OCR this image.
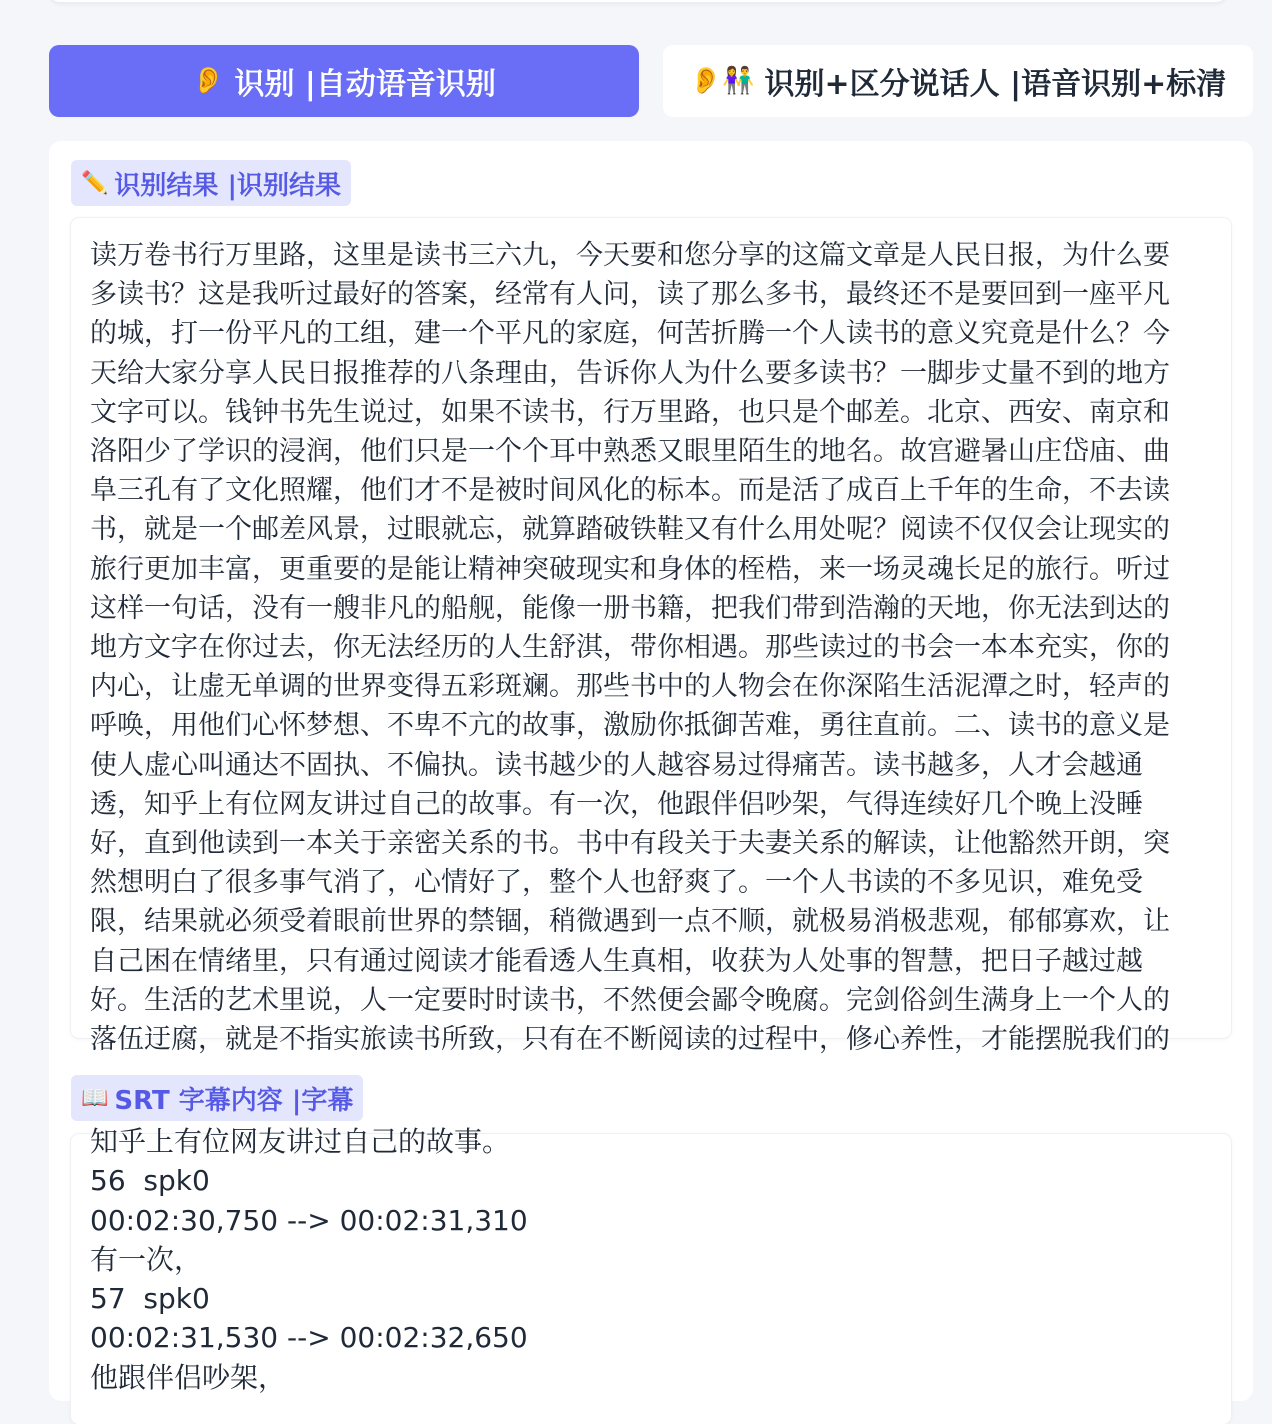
👂 识别 |自动语音识别	👂👫 识别+区分说话人 |语音识别+标清
✏️ 识别结果 |识别结果
读万卷书行万里路，这里是读书三六九，今天要和您分享的这篇文章是人民日报，为什么要
多读书？这是我听过最好的答案，经常有人问，读了那么多书，最终还不是要回到一座平凡
的城，打一份平凡的工组，建一个平凡的家庭，何苦折腾一个人读书的意义究竟是什么？今
天给大家分享人民日报推荐的八条理由，告诉你人为什么要多读书？一脚步丈量不到的地方
文字可以。钱钟书先生说过，如果不读书，行万里路，也只是个邮差。北京、西安、南京和
洛阳少了学识的浸润，他们只是一个个耳中熟悉又眼里陌生的地名。故宫避暑山庄岱庙、曲
阜三孔有了文化照耀，他们才不是被时间风化的标本。而是活了成百上千年的生命，不去读
书，就是一个邮差风景，过眼就忘，就算踏破铁鞋又有什么用处呢？阅读不仅仅会让现实的
旅行更加丰富，更重要的是能让精神突破现实和身体的桎梏，来一场灵魂长足的旅行。听过
这样一句话，没有一艘非凡的船舰，能像一册书籍，把我们带到浩瀚的天地，你无法到达的
地方文字在你过去，你无法经历的人生舒淇，带你相遇。那些读过的书会一本本充实，你的
内心，让虚无单调的世界变得五彩斑斓。那些书中的人物会在你深陷生活泥潭之时，轻声的
呼唤，用他们心怀梦想、不卑不亢的故事，激励你抵御苦难，勇往直前。二、读书的意义是
使人虚心叫通达不固执、不偏执。读书越少的人越容易过得痛苦。读书越多，人才会越通
透，知乎上有位网友讲过自己的故事。有一次，他跟伴侣吵架，气得连续好几个晚上没睡
好，直到他读到一本关于亲密关系的书。书中有段关于夫妻关系的解读，让他豁然开朗，突
然想明白了很多事气消了，心情好了，整个人也舒爽了。一个人书读的不多见识，难免受
限，结果就必须受着眼前世界的禁锢，稍微遇到一点不顺，就极易消极悲观，郁郁寡欢，让
自己困在情绪里，只有通过阅读才能看透人生真相，收获为人处事的智慧，把日子越过越
好。生活的艺术里说，人一定要时时读书，不然便会鄙令晚腐。完剑俗剑生满身上一个人的
落伍迂腐，就是不指实旅读书所致，只有在不断阅读的过程中，修心养性，才能摆脱我们的
📖 SRT 字幕内容 |字幕
知乎上有位网友讲过自己的故事。
56  spk0
00:02:30,750 --> 00:02:31,310
有一次，
57  spk0
00:02:31,530 --> 00:02:32,650
他跟伴侣吵架，
